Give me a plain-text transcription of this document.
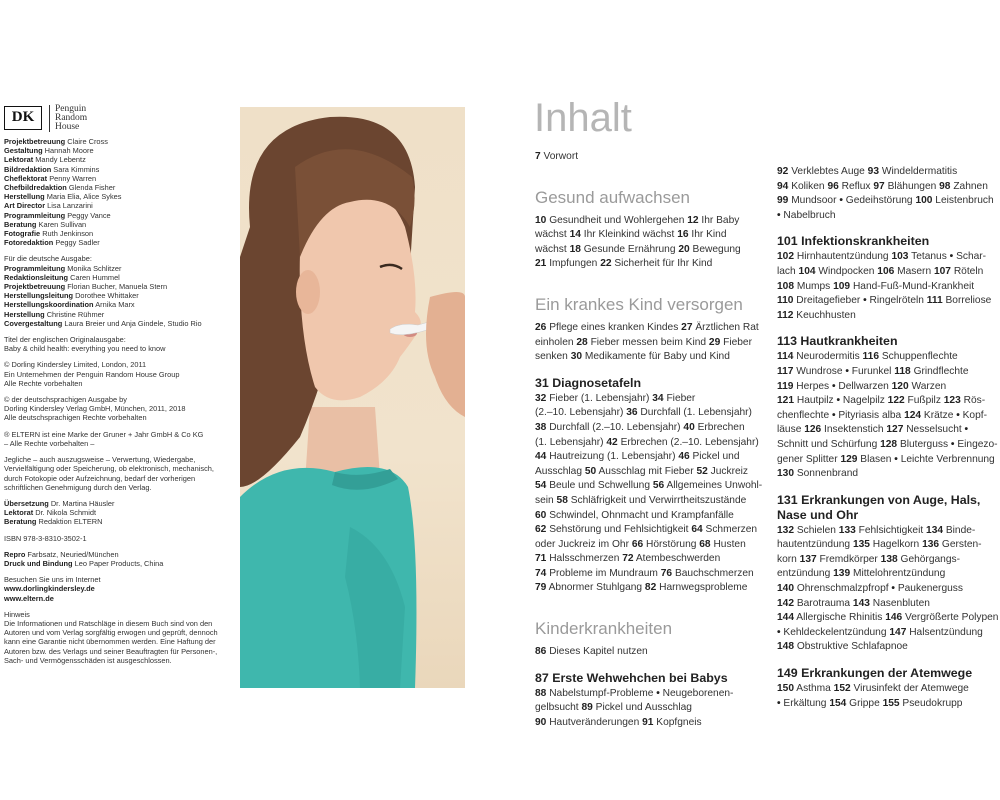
DK
Penguin
Random
House

Projektbetreuung Claire Cross

Gestaltung Hannah Moore

Lektorat Mandy Lebentz

Bildredaktion Sara Kimmins

Cheflektorat Penny Warren

Chefbildredaktion Glenda Fisher

Herstellung Maria Elia, Alice Sykes

Art Director Lisa Lanzarini

Programmleitung Peggy Vance

Beratung Karen Sullivan

Fotografie Ruth Jenkinson

Fotoredaktion Peggy Sadler

Für die deutsche Ausgabe:

Programmleitung Monika Schlitzer

Redaktionsleitung Caren Hummel

Projektbetreuung Florian Bucher, Manuela Stern

Herstellungsleitung Dorothee Whittaker

Herstellungskoordination Arnika Marx

Herstellung Christine Rühmer

Covergestaltung Laura Breier und Anja Gindele, Studio Rio

Titel der englischen Originalausgabe:

Baby & child health: everything you need to know

© Dorling Kindersley Limited, London, 2011

Ein Unternehmen der Penguin Random House Group

Alle Rechte vorbehalten

© der deutschsprachigen Ausgabe by

Dorling Kindersley Verlag GmbH, München, 2011, 2018

Alle deutschsprachigen Rechte vorbehalten

® ELTERN ist eine Marke der Gruner + Jahr GmbH & Co KG

– Alle Rechte vorbehalten –

Jegliche – auch auszugsweise – Verwertung, Wiedergabe,

Vervielfältigung oder Speicherung, ob elektronisch, mechanisch,

durch Fotokopie oder Aufzeichnung, bedarf der vorherigen

schriftlichen Genehmigung durch den Verlag.

Übersetzung Dr. Martina Häusler

Lektorat Dr. Nikola Schmidt

Beratung Redaktion ELTERN

ISBN 978-3-8310-3502-1

Repro Farbsatz, Neuried/München

Druck und Bindung Leo Paper Products, China

Besuchen Sie uns im Internet

www.dorlingkindersley.de

www.eltern.de

Hinweis

Die Informationen und Ratschläge in diesem Buch sind von den

Autoren und vom Verlag sorgfältig erwogen und geprüft, dennoch

kann eine Garantie nicht übernommen werden. Eine Haftung der

Autoren bzw. des Verlags und seiner Beauftragten für Personen-,

Sach- und Vermögensschäden ist ausgeschlossen.

Inhalt
7 Vorwort
Gesund aufwachsen
10 Gesundheit und Wohlergehen 12 Ihr Baby
wächst 14 Ihr Kleinkind wächst 16 Ihr Kind
wächst 18 Gesunde Ernährung 20 Bewegung
21 Impfungen 22 Sicherheit für Ihr Kind
Ein krankes Kind versorgen
26 Pflege eines kranken Kindes 27 Ärztlichen Rat
einholen 28 Fieber messen beim Kind 29 Fieber
senken 30 Medikamente für Baby und Kind
31 Diagnosetafeln
32 Fieber (1. Lebensjahr) 34 Fieber
(2.–10. Lebensjahr) 36 Durchfall (1. Lebensjahr)
38 Durchfall (2.–10. Lebensjahr) 40 Erbrechen
(1. Lebensjahr) 42 Erbrechen (2.–10. Lebensjahr)
44 Hautreizung (1. Lebensjahr) 46 Pickel und
Ausschlag 50 Ausschlag mit Fieber 52 Juckreiz
54 Beule und Schwellung 56 Allgemeines Unwohl-
sein 58 Schläfrigkeit und Verwirrtheitszustände
60 Schwindel, Ohnmacht und Krampfanfälle
62 Sehstörung und Fehlsichtigkeit 64 Schmerzen
oder Juckreiz im Ohr 66 Hörstörung 68 Husten
71 Halsschmerzen 72 Atembeschwerden
74 Probleme im Mundraum 76 Bauchschmerzen
79 Abnormer Stuhlgang 82 Harnwegsprobleme
Kinderkrankheiten
86 Dieses Kapitel nutzen
87 Erste Wehwehchen bei Babys
88 Nabelstumpf-Probleme • Neugeborenen-
gelbsucht 89 Pickel und Ausschlag
90 Hautveränderungen 91 Kopfgneis
92 Verklebtes Auge 93 Windeldermatitis
94 Koliken 96 Reflux 97 Blähungen 98 Zahnen
99 Mundsoor • Gedeihstörung 100 Leistenbruch
• Nabelbruch
101 Infektionskrankheiten
102 Hirnhautentzündung 103 Tetanus • Schar-
lach 104 Windpocken 106 Masern 107 Röteln
108 Mumps 109 Hand-Fuß-Mund-Krankheit
110 Dreitagefieber • Ringelröteln 111 Borreliose
112 Keuchhusten
113 Hautkrankheiten
114 Neurodermitis 116 Schuppenflechte
117 Wundrose • Furunkel 118 Grindflechte
119 Herpes • Dellwarzen 120 Warzen
121 Hautpilz • Nagelpilz 122 Fußpilz 123 Rös-
chenflechte • Pityriasis alba 124 Krätze • Kopf-
läuse 126 Insektenstich 127 Nesselsucht •
Schnitt und Schürfung 128 Bluterguss • Eingezo-
gener Splitter 129 Blasen • Leichte Verbrennung
130 Sonnenbrand
131 Erkrankungen von Auge, Hals, Nase und Ohr
132 Schielen 133 Fehlsichtigkeit 134 Binde-
hautentzündung 135 Hagelkorn 136 Gersten-
korn 137 Fremdkörper 138 Gehörgangs-
entzündung 139 Mittelohrentzündung
140 Ohrenschmalzpfropf • Paukenerguss
142 Barotrauma 143 Nasenbluten
144 Allergische Rhinitis 146 Vergrößerte Polypen
• Kehldeckelentzündung 147 Halsentzündung
148 Obstruktive Schlafapnoe
149 Erkrankungen der Atemwege
150 Asthma 152 Virusinfekt der Atemwege
• Erkältung 154 Grippe 155 Pseudokrupp
